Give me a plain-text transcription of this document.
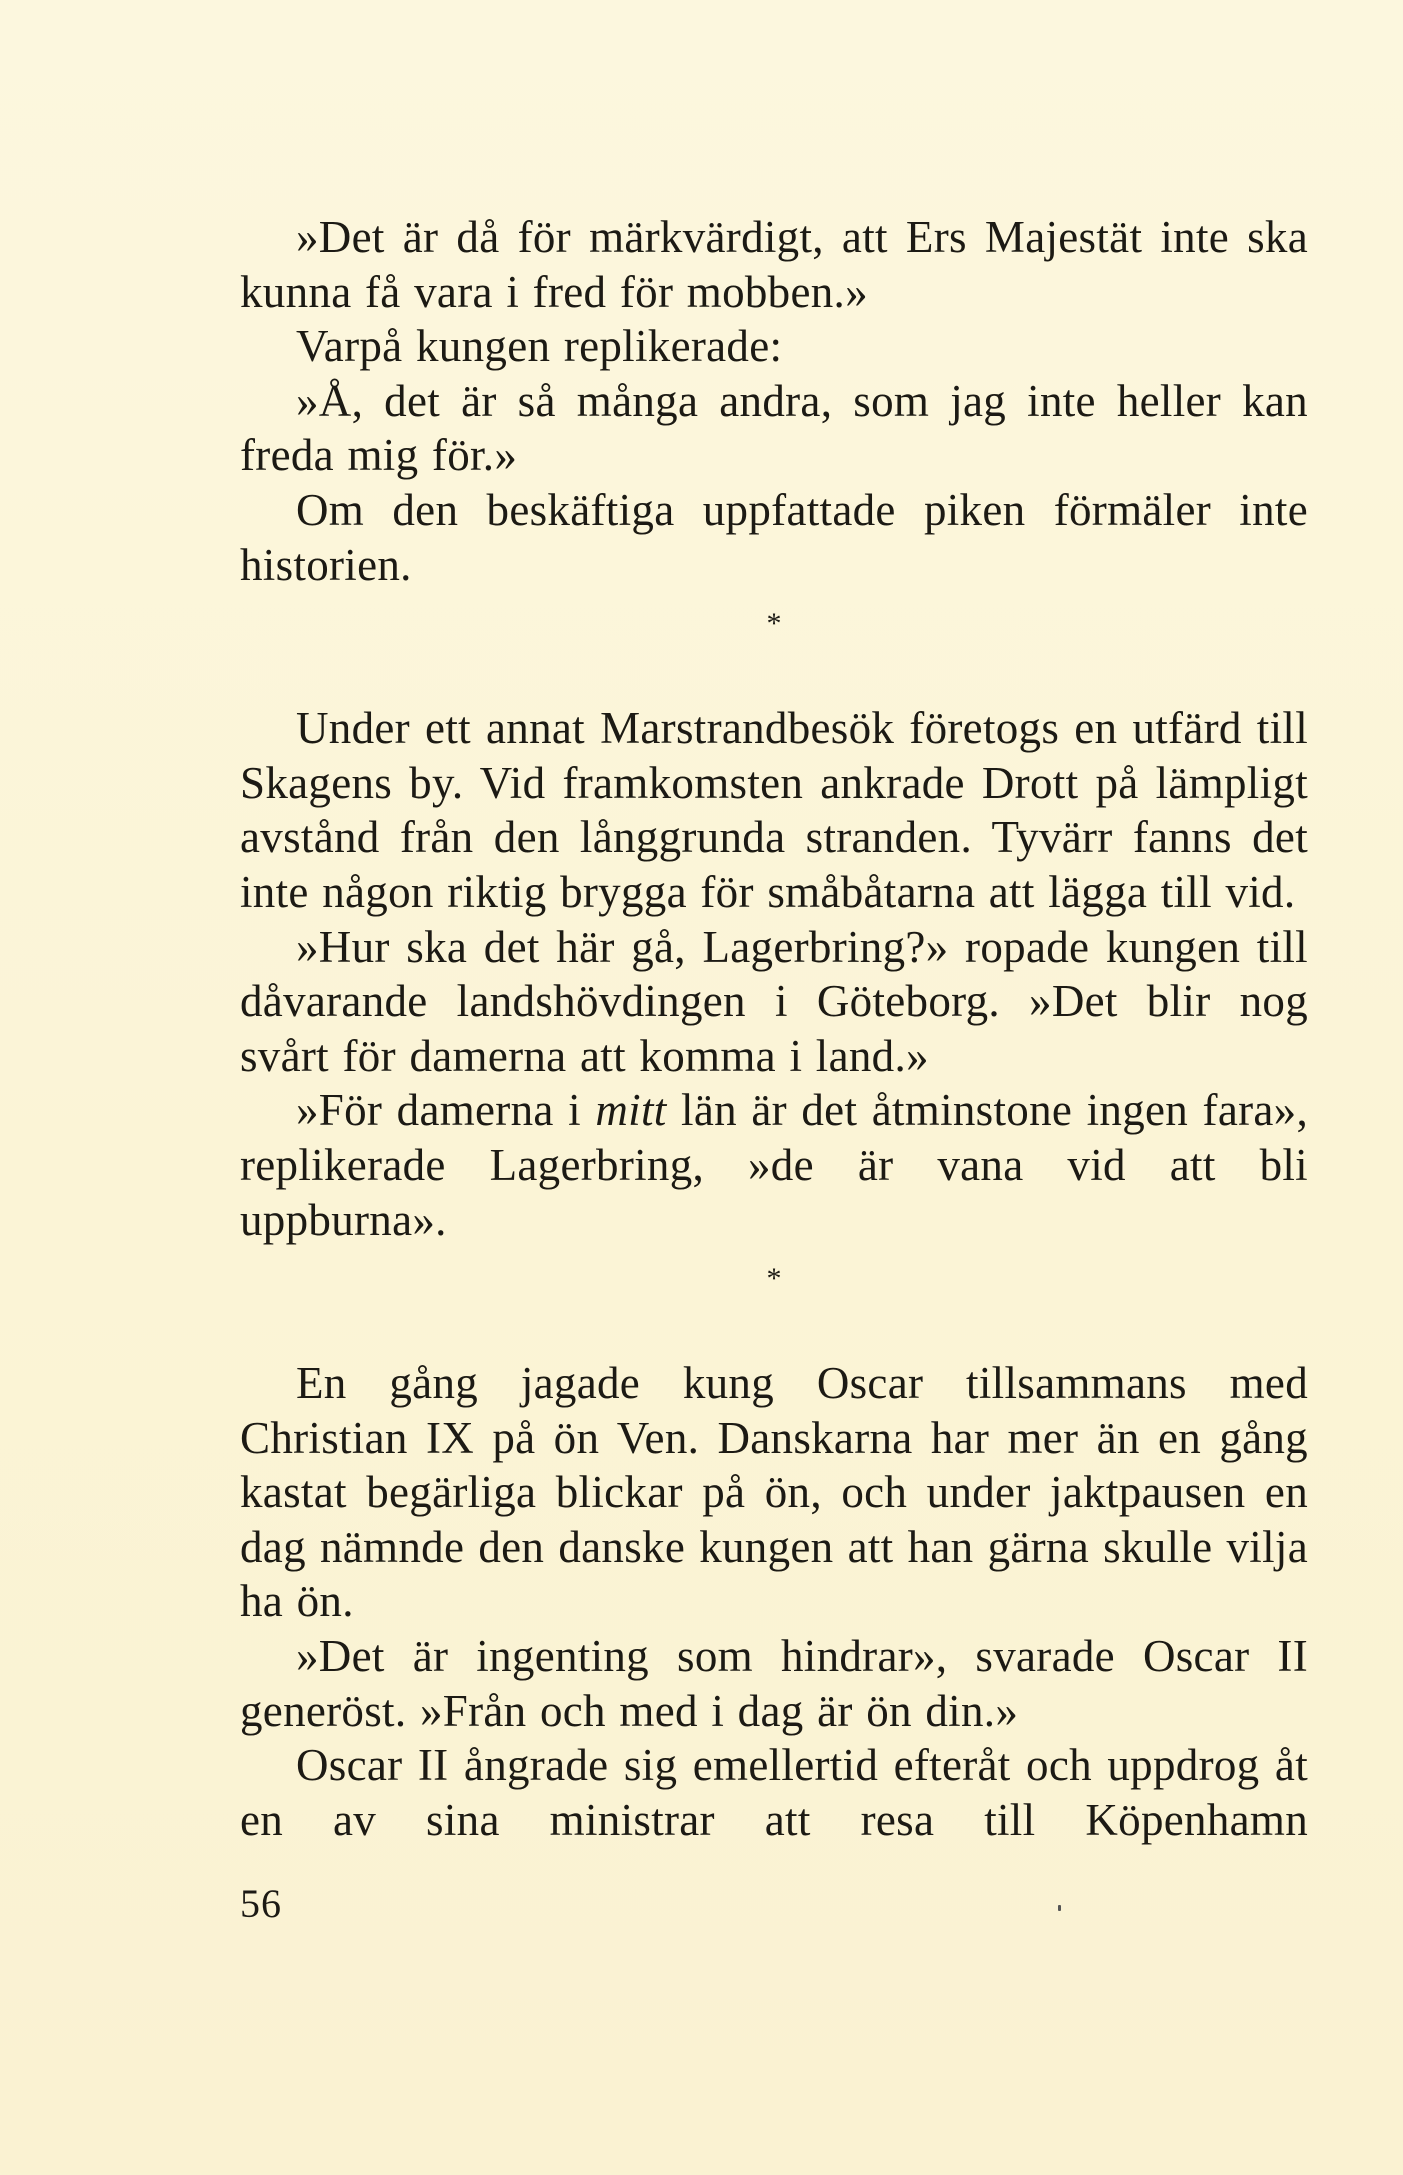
»Det är då för märkvärdigt, att Ers Majestät inte ska kunna få vara i fred för mobben.»

Varpå kungen replikerade:

»Å, det är så många andra, som jag inte heller kan freda mig för.»

Om den beskäftiga uppfattade piken förmäler inte historien.

*

Under ett annat Marstrandbesök företogs en utfärd till Skagens by. Vid framkomsten ankrade Drott på lämpligt avstånd från den långgrunda stranden. Tyvärr fanns det inte någon riktig brygga för småbåtarna att lägga till vid.

»Hur ska det här gå, Lagerbring?» ropade kungen till dåvarande landshövdingen i Göteborg. »Det blir nog svårt för damerna att komma i land.»

»För damerna i mitt län är det åtminstone ingen fara», replikerade Lagerbring, »de är vana vid att bli uppburna».

*

En gång jagade kung Oscar tillsammans med Christian IX på ön Ven. Danskarna har mer än en gång kastat begärliga blickar på ön, och under jaktpausen en dag nämnde den danske kungen att han gärna skulle vilja ha ön.

»Det är ingenting som hindrar», svarade Oscar II generöst. »Från och med i dag är ön din.»

Oscar II ångrade sig emellertid efteråt och uppdrog åt en av sina ministrar att resa till Köpenhamn

56
